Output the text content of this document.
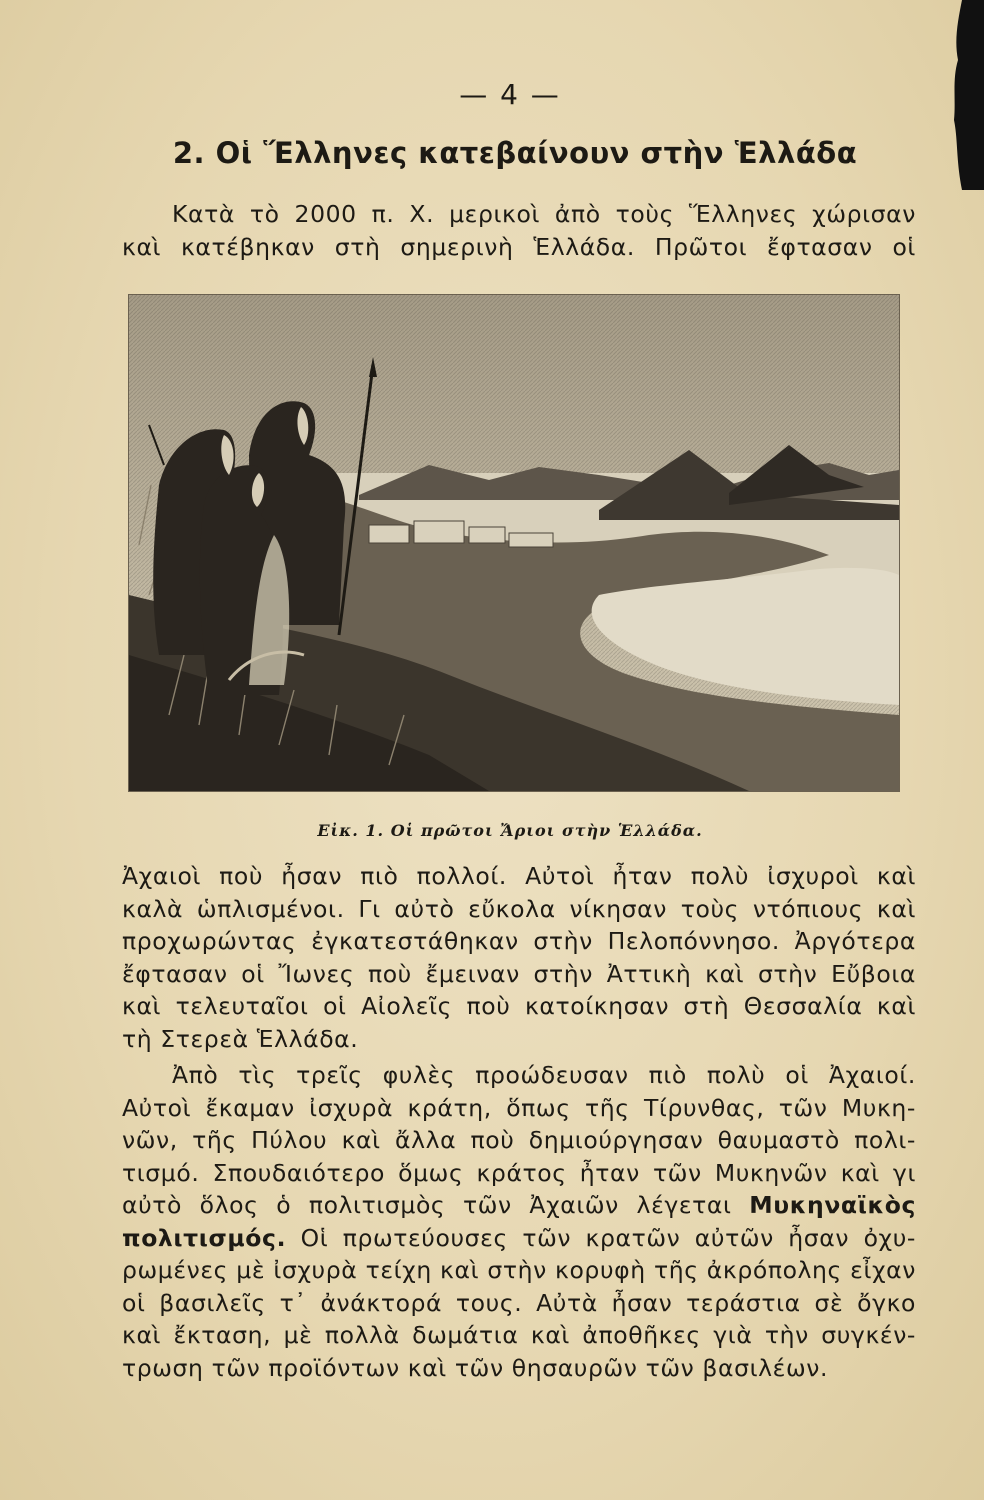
— 4 —
2. Οἱ Ἕλληνες κατεβαίνουν στὴν Ἑλλάδα
Κατὰ τὸ 2000 π. Χ. μερικοὶ ἀπὸ τοὺς Ἕλληνες χώρισαν
καὶ κατέβηκαν στὴ σημερινὴ Ἑλλάδα. Πρῶτοι ἔφτασαν οἱ
Εἰκ. 1. Οἱ πρῶτοι Ἄριοι στὴν Ἑλλάδα.
Ἀχαιοὶ ποὺ ἦσαν πιὸ πολλοί. Αὐτοὶ ἦταν πολὺ ἰσχυροὶ καὶ
καλὰ ὡπλισμένοι. Γι αὐτὸ εὔκολα νίκησαν τοὺς ντόπιους καὶ
προχωρώντας ἐγκατεστάθηκαν στὴν Πελοπόννησο. Ἀργότερα
ἔφτασαν οἱ Ἴωνες ποὺ ἔμειναν στὴν Ἀττικὴ καὶ στὴν Εὔβοια
καὶ τελευταῖοι οἱ Αἰολεῖς ποὺ κατοίκησαν στὴ Θεσσαλία καὶ
τὴ Στερεὰ Ἑλλάδα.
Ἀπὸ τὶς τρεῖς φυλὲς προώδευσαν πιὸ πολὺ οἱ Ἀχαιοί.
Αὐτοὶ ἔκαμαν ἰσχυρὰ κράτη, ὅπως τῆς Τίρυνθας, τῶν Μυκη-
νῶν, τῆς Πύλου καὶ ἄλλα ποὺ δημιούργησαν θαυμαστὸ πολι-
τισμό. Σπουδαιότερο ὅμως κράτος ἦταν τῶν Μυκηνῶν καὶ γι
αὐτὸ ὅλος ὁ πολιτισμὸς τῶν Ἀχαιῶν λέγεται Μυκηναϊκὸς
πολιτισμός. Οἱ πρωτεύουσες τῶν κρατῶν αὐτῶν ἦσαν ὀχυ-
ρωμένες μὲ ἰσχυρὰ τείχη καὶ στὴν κορυφὴ τῆς ἀκρόπολης εἶχαν
οἱ βασιλεῖς τ᾽ ἀνάκτορά τους. Αὐτὰ ἦσαν τεράστια σὲ ὄγκο
καὶ ἔκταση, μὲ πολλὰ δωμάτια καὶ ἀποθῆκες γιὰ τὴν συγκέν-
τρωση τῶν προϊόντων καὶ τῶν θησαυρῶν τῶν βασιλέων.
